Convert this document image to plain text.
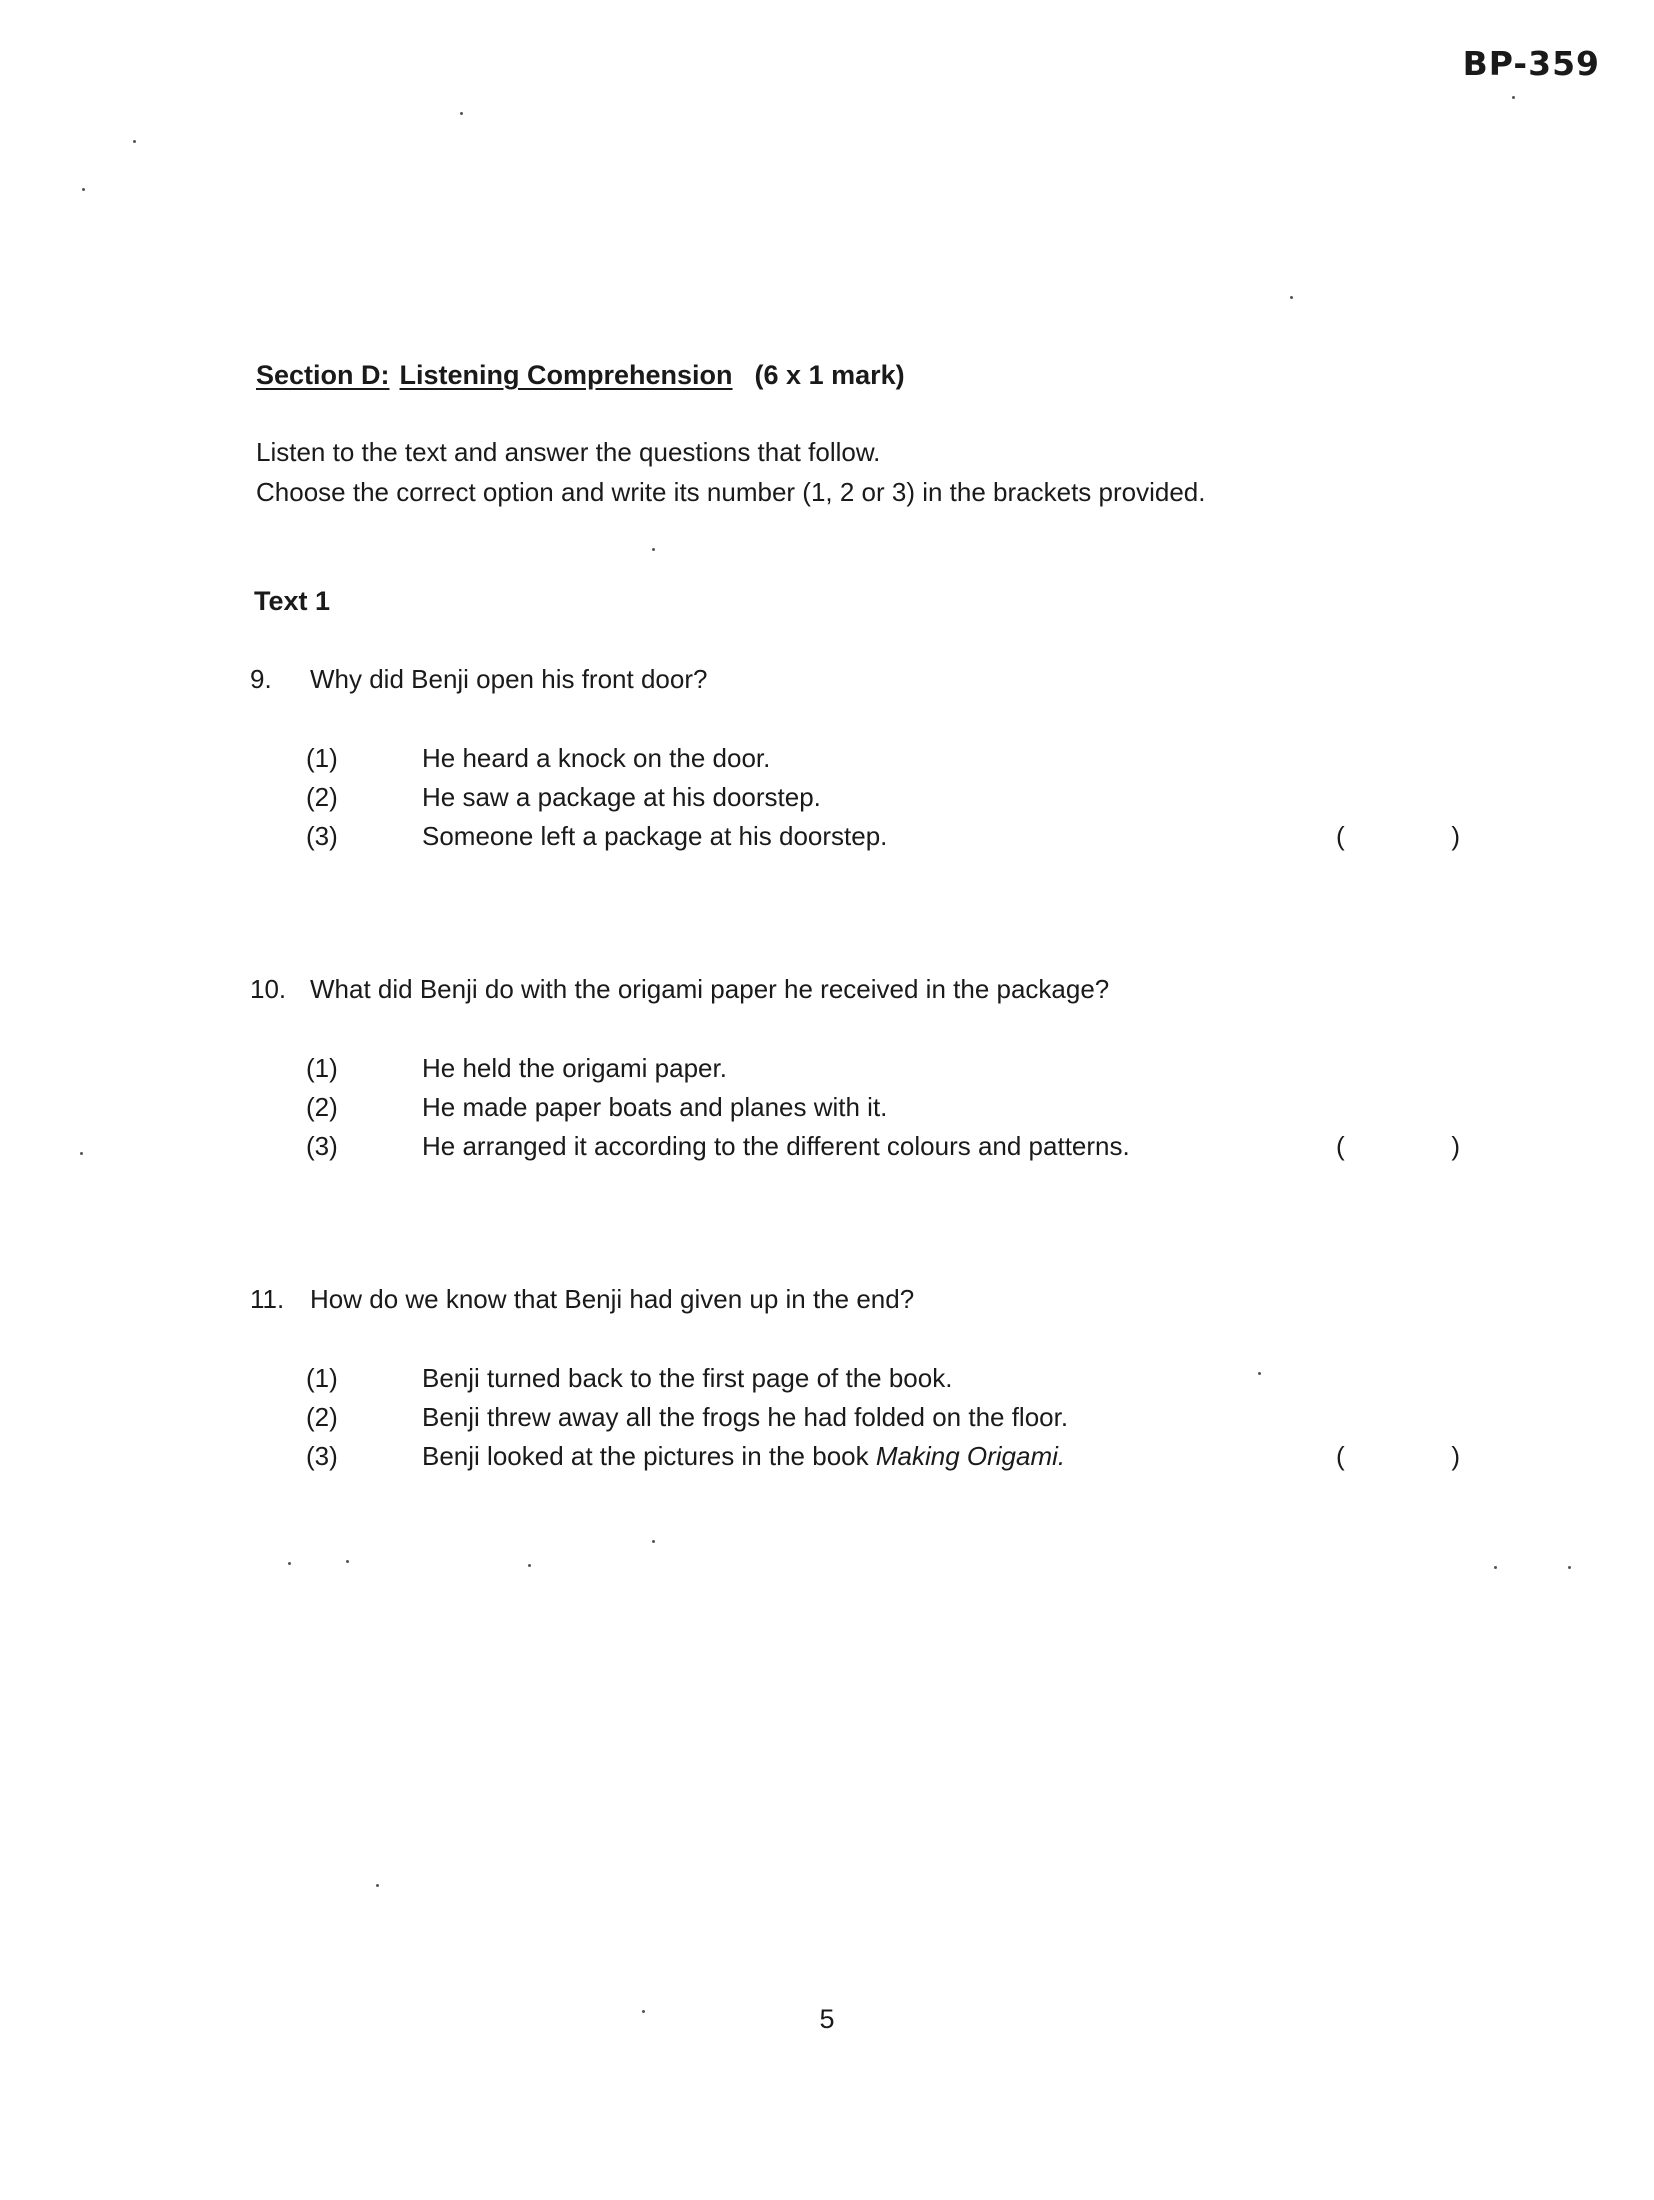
BP-359
Section D: Listening Comprehension (6 x 1 mark)
Listen to the text and answer the questions that follow.
Choose the correct option and write its number (1, 2 or 3) in the brackets provided.
Text 1
9.	Why did Benji open his front door?
(1)	He heard a knock on the door.
(2)	He saw a package at his doorstep.
(3)	Someone left a package at his doorstep.	(	)
10. What did Benji do with the origami paper he received in the package?
(1)	He held the origami paper.
(2)	He made paper boats and planes with it.
(3)	He arranged it according to the different colours and patterns.	(	)
11. How do we know that Benji had given up in the end?
(1)	Benji turned back to the first page of the book.
(2)	Benji threw away all the frogs he had folded on the floor.
(3)	Benji looked at the pictures in the book Making Origami.	(	)
5
